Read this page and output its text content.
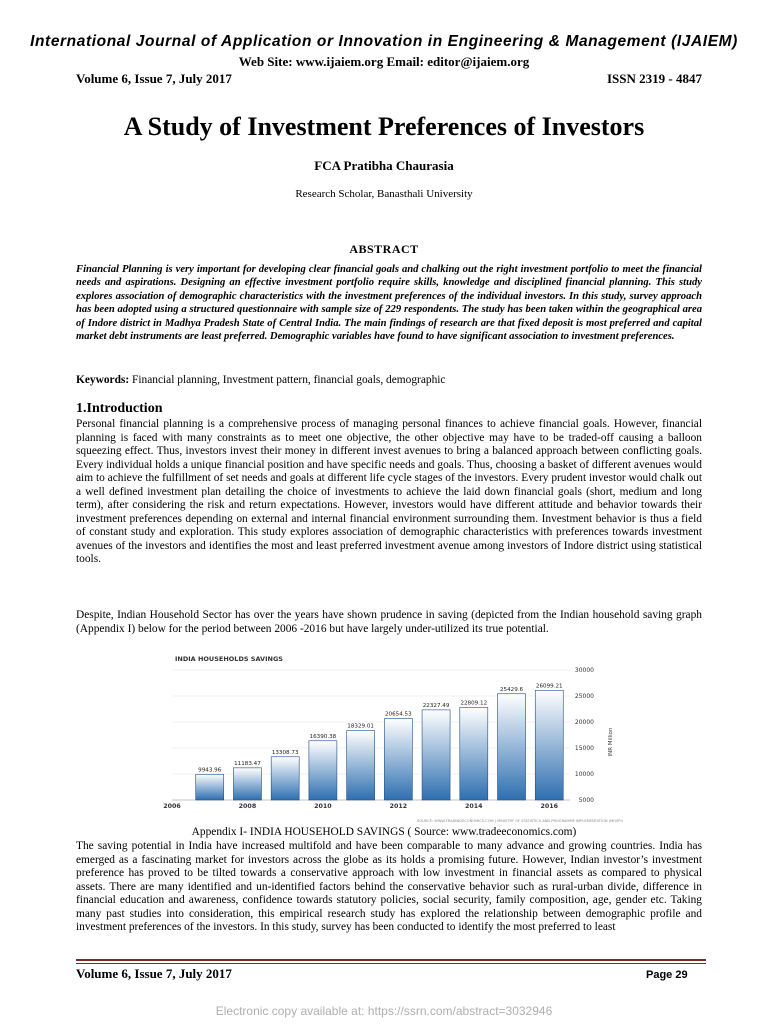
International Journal of Application or Innovation in Engineering & Management (IJAIEM)
Web Site: www.ijaiem.org Email: editor@ijaiem.org
Volume 6, Issue 7, July 2017	ISSN 2319 - 4847
A Study of Investment Preferences of Investors
FCA Pratibha Chaurasia
Research Scholar, Banasthali University
ABSTRACT
Financial Planning is very important for developing clear financial goals and chalking out the right investment portfolio to meet the financial needs and aspirations. Designing an effective investment portfolio require skills, knowledge and disciplined financial planning. This study explores association of demographic characteristics with the investment preferences of the individual investors. In this study, survey approach has been adopted using a structured questionnaire with sample size of 229 respondents. The study has been taken within the geographical area of Indore district in Madhya Pradesh State of Central India. The main findings of research are that fixed deposit is most preferred and capital market debt instruments are least preferred. Demographic variables have found to have significant association to investment preferences.
Keywords: Financial planning, Investment pattern, financial goals, demographic
1.Introduction
Personal financial planning is a comprehensive process of managing personal finances to achieve financial goals. However, financial planning is faced with many constraints as to meet one objective, the other objective may have to be traded-off causing a balloon squeezing effect. Thus, investors invest their money in different invest avenues to bring a balanced approach between conflicting goals. Every individual holds a unique financial position and have specific needs and goals. Thus, choosing a basket of different avenues would aim to achieve the fulfillment of set needs and goals at different life cycle stages of the investors. Every prudent investor would chalk out a well defined investment plan detailing the choice of investments to achieve the laid down financial goals (short, medium and long term), after considering the risk and return expectations. However, investors would have different attitude and behavior towards their investment preferences depending on external and internal financial environment surrounding them. Investment behavior is thus a field of constant study and exploration. This study explores association of demographic characteristics with preferences towards investment avenues of the investors and identifies the most and least preferred investment avenue among investors of Indore district using statistical tools.
Despite, Indian Household Sector has over the years have shown prudence in saving (depicted from the Indian household saving graph (Appendix I) below for the period between 2006 -2016 but have largely under-utilized its true potential.
INDIA HOUSEHOLDS SAVINGS
9943.96
11183.47
13308.73
16390.38
18329.01
20654.53
22327.49 22809.12
25429.6
26099.21
5000
10000
15000
20000
25000
30000
2006	2008	2010	2012	2014	2016
INR Million
SOURCE: WWW.TRADINGECONOMICS.COM | MINISTRY OF STATISTICS AND PROGRAMME IMPLEMENTATION (MOSPI)
Appendix I- INDIA HOUSEHOLD SAVINGS ( Source: www.tradeeconomics.com)
The saving potential in India have increased multifold and have been comparable to many advance and growing countries. India has emerged as a fascinating market for investors across the globe as its holds a promising future. However, Indian investor’s investment preference has proved to be tilted towards a conservative approach with low investment in financial assets as compared to physical assets. There are many identified and un-identified factors behind the conservative behavior such as rural-urban divide, difference in financial education and awareness, confidence towards statutory policies, social security, family composition, age, gender etc. Taking many past studies into consideration, this empirical research study has explored the relationship between demographic profile and investment preferences of the investors. In this study, survey has been conducted to identify the most preferred to least
Volume 6, Issue 7, July 2017	Page 29
Electronic copy available at: https://ssrn.com/abstract=3032946
